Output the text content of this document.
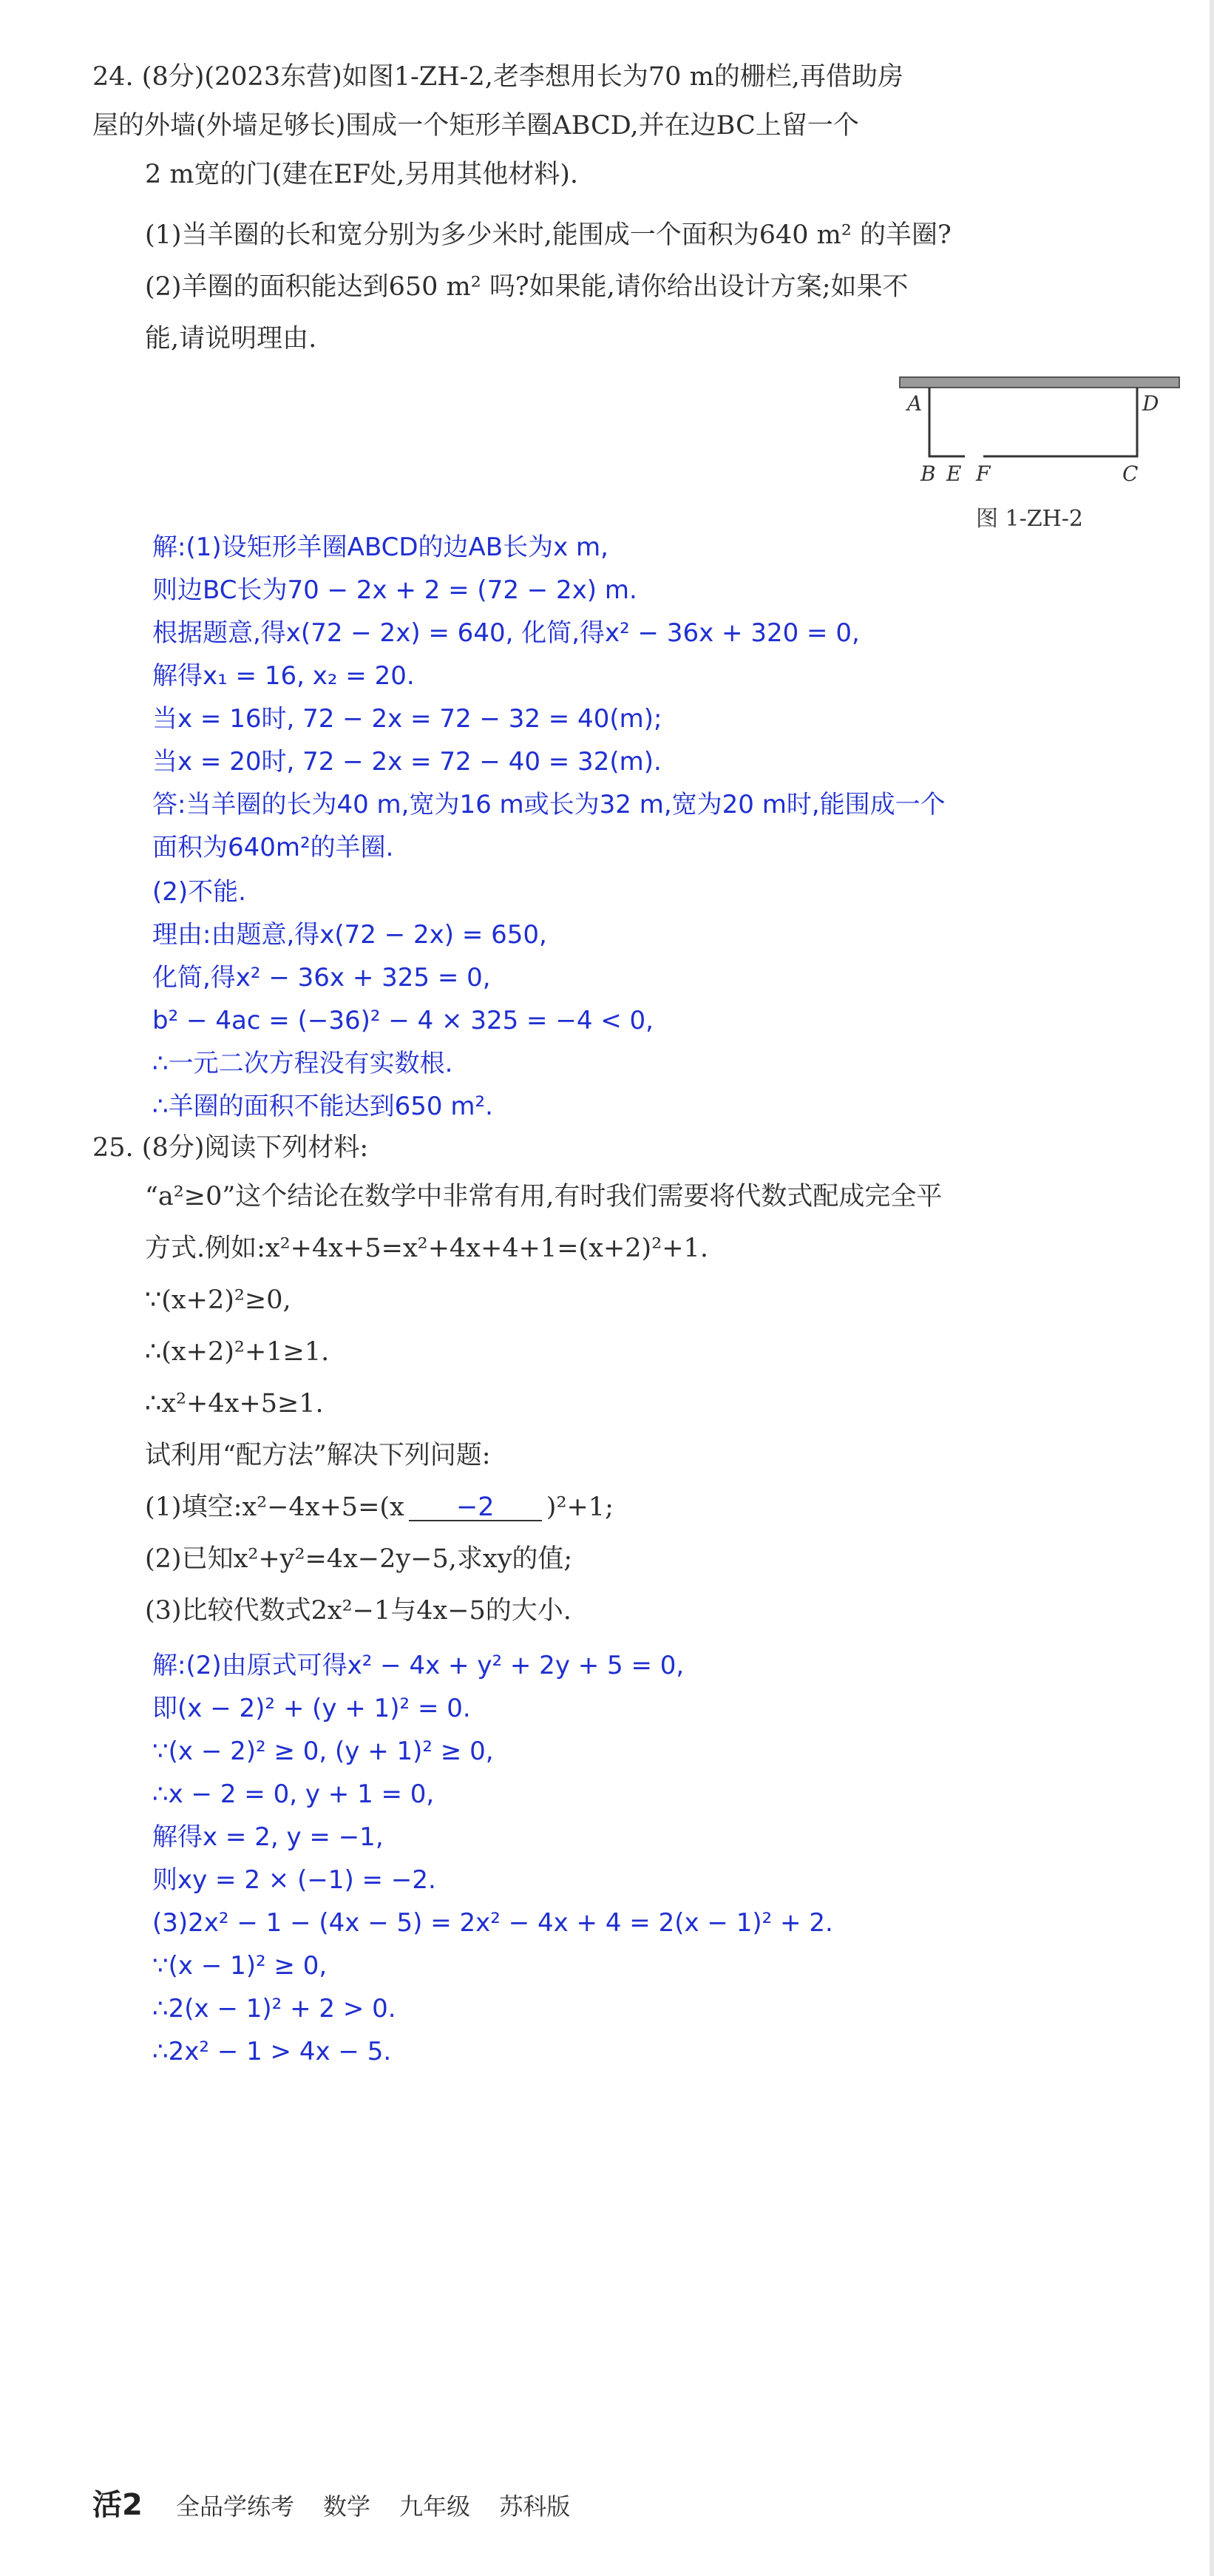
24. (8分)(2023东营)如图1-ZH-2,老李想用长为70 m的栅栏,再借助房
屋的外墙(外墙足够长)围成一个矩形羊圈ABCD,并在边BC上留一个
2 m宽的门(建在EF处,另用其他材料).
(1)当羊圈的长和宽分别为多少米时,能围成一个面积为640 m² 的羊圈?
(2)羊圈的面积能达到650 m² 吗?如果能,请你给出设计方案;如果不
能,请说明理由.
A	D
B E F	C
图 1-ZH-2
解:(1)设矩形羊圈ABCD的边AB长为x m,
则边BC长为70 − 2x + 2 = (72 − 2x) m.
根据题意,得x(72 − 2x) = 640, 化简,得x² − 36x + 320 = 0,
解得x₁ = 16, x₂ = 20.
当x = 16时, 72 − 2x = 72 − 32 = 40(m);
当x = 20时, 72 − 2x = 72 − 40 = 32(m).
答:当羊圈的长为40 m,宽为16 m或长为32 m,宽为20 m时,能围成一个
面积为640m²的羊圈.
(2)不能.
理由:由题意,得x(72 − 2x) = 650,
化简,得x² − 36x + 325 = 0,
b² − 4ac = (−36)² − 4 × 325 = −4 < 0,
∴一元二次方程没有实数根.
∴羊圈的面积不能达到650 m².
25. (8分)阅读下列材料:
“a²≥0”这个结论在数学中非常有用,有时我们需要将代数式配成完全平
方式.例如:x²+4x+5=x²+4x+4+1=(x+2)²+1.
∵(x+2)²≥0,
∴(x+2)²+1≥1.
∴x²+4x+5≥1.
试利用“配方法”解决下列问题:
(1)填空:x²−4x+5=(x −2 )²+1;
(2)已知x²+y²=4x−2y−5,求xy的值;
(3)比较代数式2x²−1与4x−5的大小.
解:(2)由原式可得x² − 4x + y² + 2y + 5 = 0,
即(x − 2)² + (y + 1)² = 0.
∵(x − 2)² ≥ 0, (y + 1)² ≥ 0,
∴x − 2 = 0, y + 1 = 0,
解得x = 2, y = −1,
则xy = 2 × (−1) = −2.
(3)2x² − 1 − (4x − 5) = 2x² − 4x + 4 = 2(x − 1)² + 2.
∵(x − 1)² ≥ 0,
∴2(x − 1)² + 2 > 0.
∴2x² − 1 > 4x − 5.
活2 全品学练考 数学 九年级 苏科版
